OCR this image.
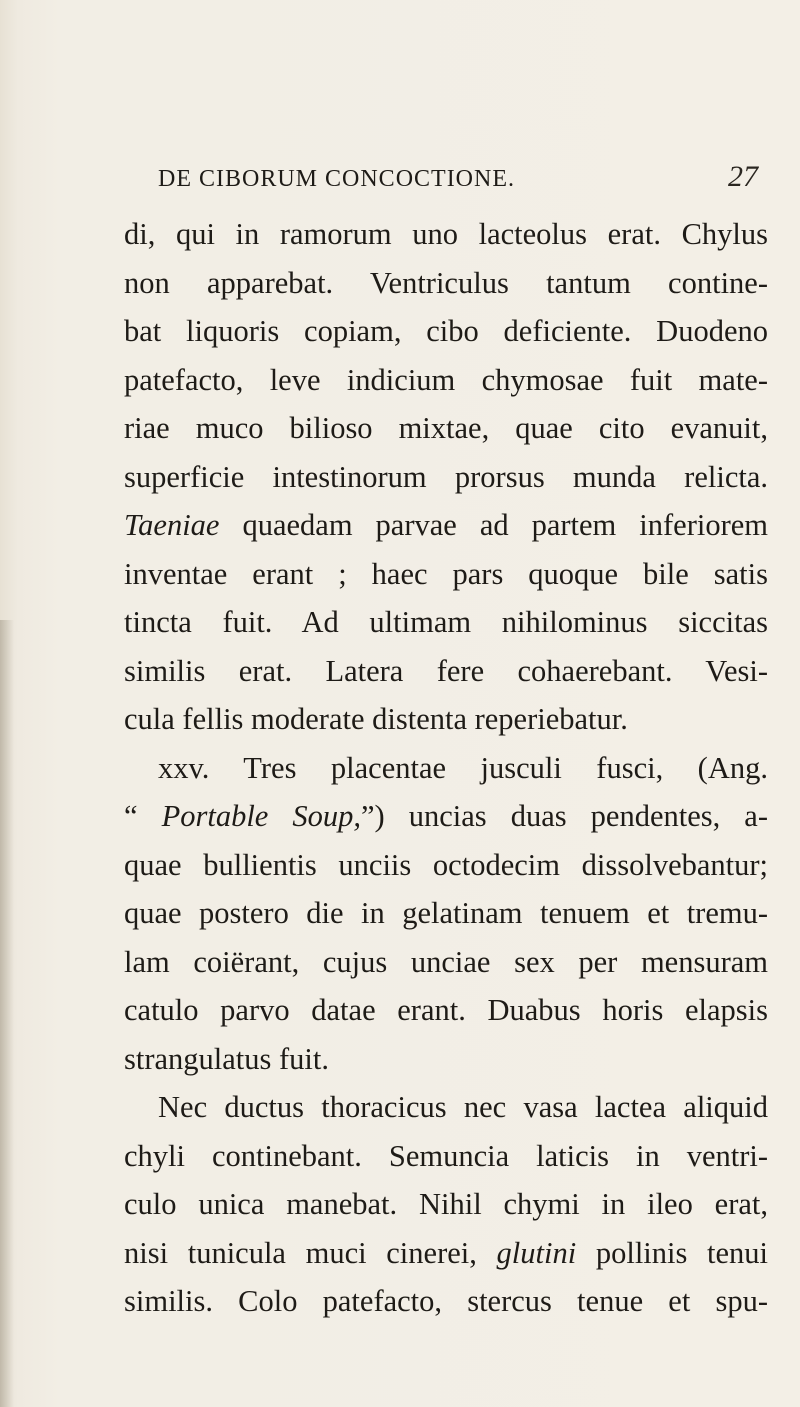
DE CIBORUM CONCOCTIONE.	27
di, qui in ramorum uno lacteolus erat. Chylus
non apparebat. Ventriculus tantum contine-
bat liquoris copiam, cibo deficiente. Duodeno
patefacto, leve indicium chymosae fuit mate-
riae muco bilioso mixtae, quae cito evanuit,
superficie intestinorum prorsus munda relicta.
Taeniae quaedam parvae ad partem inferiorem
inventae erant ; haec pars quoque bile satis
tincta fuit. Ad ultimam nihilominus siccitas
similis erat. Latera fere cohaerebant. Vesi-
cula fellis moderate distenta reperiebatur.
xxv. Tres placentae jusculi fusci, (Ang.
“ Portable Soup,”) uncias duas pendentes, a-
quae bullientis unciis octodecim dissolvebantur;
quae postero die in gelatinam tenuem et tremu-
lam coiërant, cujus unciae sex per mensuram
catulo parvo datae erant. Duabus horis elapsis
strangulatus fuit.
Nec ductus thoracicus nec vasa lactea aliquid
chyli continebant. Semuncia laticis in ventri-
culo unica manebat. Nihil chymi in ileo erat,
nisi tunicula muci cinerei, glutini pollinis tenui
similis. Colo patefacto, stercus tenue et spu-
